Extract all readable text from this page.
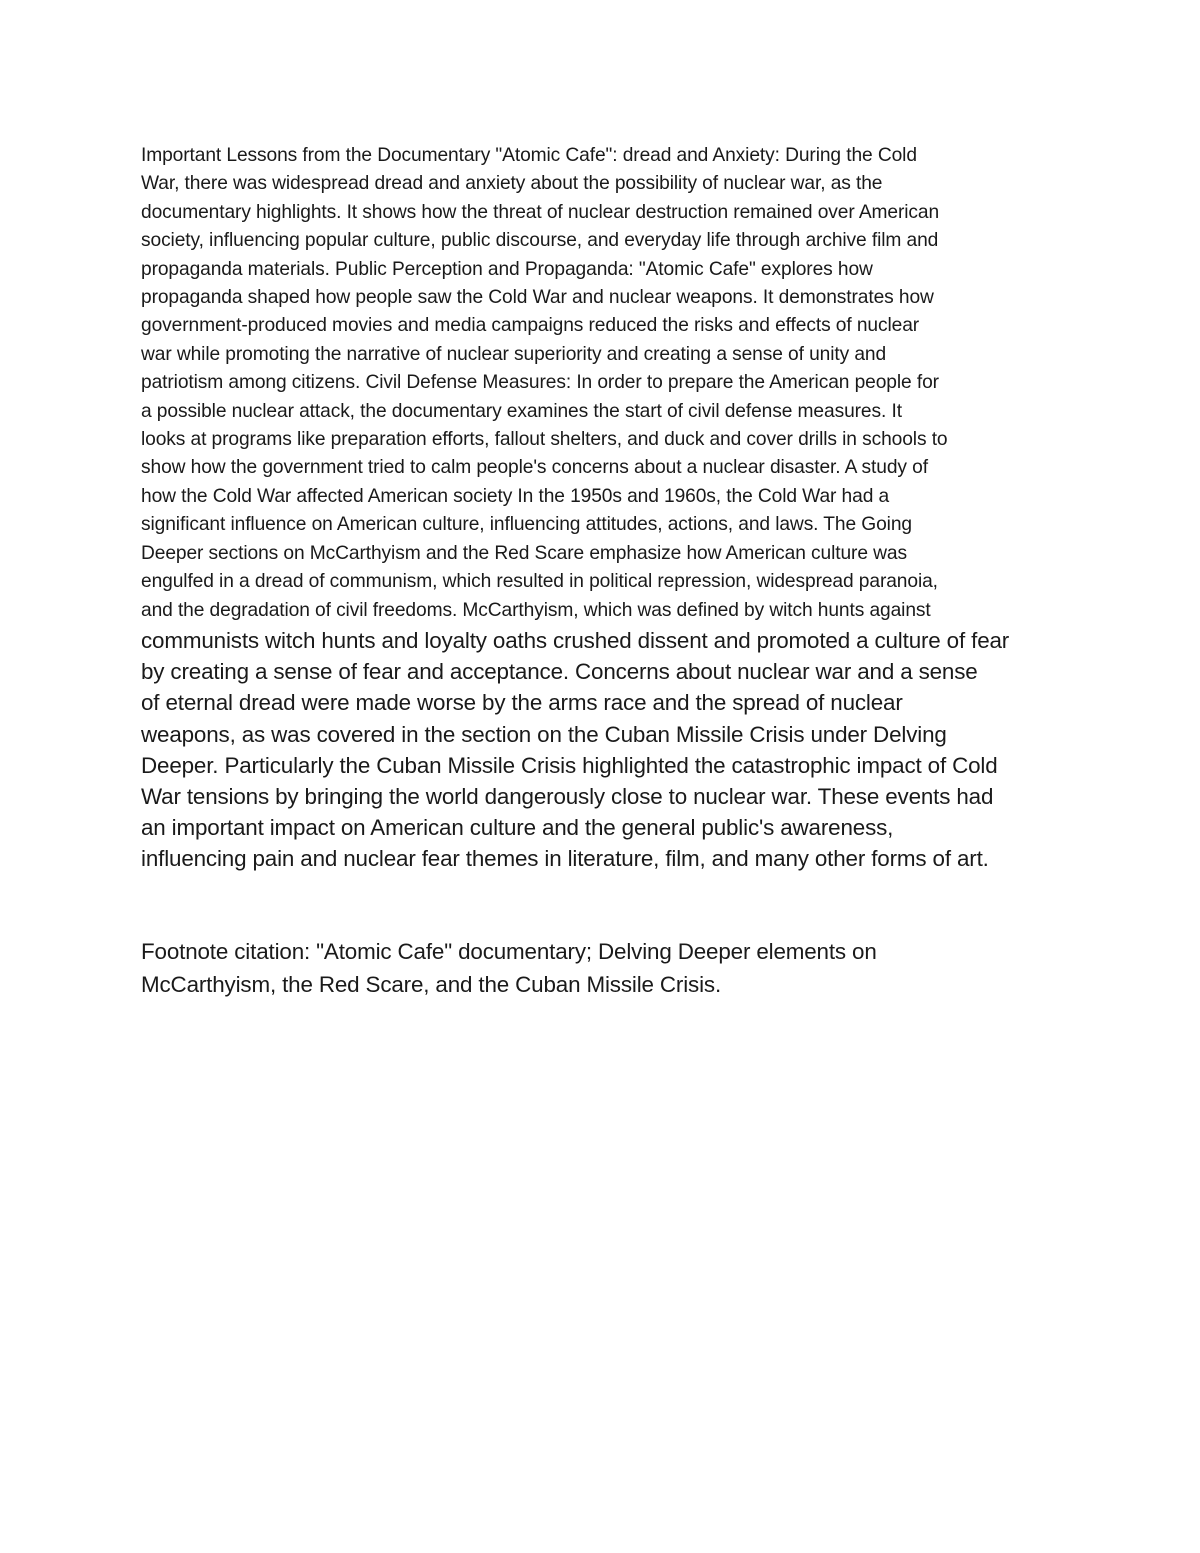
Important Lessons from the Documentary "Atomic Cafe": dread and Anxiety: During the Cold
War, there was widespread dread and anxiety about the possibility of nuclear war, as the
documentary highlights. It shows how the threat of nuclear destruction remained over American
society, influencing popular culture, public discourse, and everyday life through archive film and
propaganda materials. Public Perception and Propaganda: "Atomic Cafe" explores how
propaganda shaped how people saw the Cold War and nuclear weapons. It demonstrates how
government-produced movies and media campaigns reduced the risks and effects of nuclear
war while promoting the narrative of nuclear superiority and creating a sense of unity and
patriotism among citizens. Civil Defense Measures: In order to prepare the American people for
a possible nuclear attack, the documentary examines the start of civil defense measures. It
looks at programs like preparation efforts, fallout shelters, and duck and cover drills in schools to
show how the government tried to calm people's concerns about a nuclear disaster. A study of
how the Cold War affected American society In the 1950s and 1960s, the Cold War had a
significant influence on American culture, influencing attitudes, actions, and laws. The Going
Deeper sections on McCarthyism and the Red Scare emphasize how American culture was
engulfed in a dread of communism, which resulted in political repression, widespread paranoia,
and the degradation of civil freedoms. McCarthyism, which was defined by witch hunts against
communists witch hunts and loyalty oaths crushed dissent and promoted a culture of fear
by creating a sense of fear and acceptance. Concerns about nuclear war and a sense
of eternal dread were made worse by the arms race and the spread of nuclear
weapons, as was covered in the section on the Cuban Missile Crisis under Delving
Deeper. Particularly the Cuban Missile Crisis highlighted the catastrophic impact of Cold
War tensions by bringing the world dangerously close to nuclear war. These events had
an important impact on American culture and the general public's awareness,
influencing pain and nuclear fear themes in literature, film, and many other forms of art.
Footnote citation: "Atomic Cafe" documentary; Delving Deeper elements on
McCarthyism, the Red Scare, and the Cuban Missile Crisis.
